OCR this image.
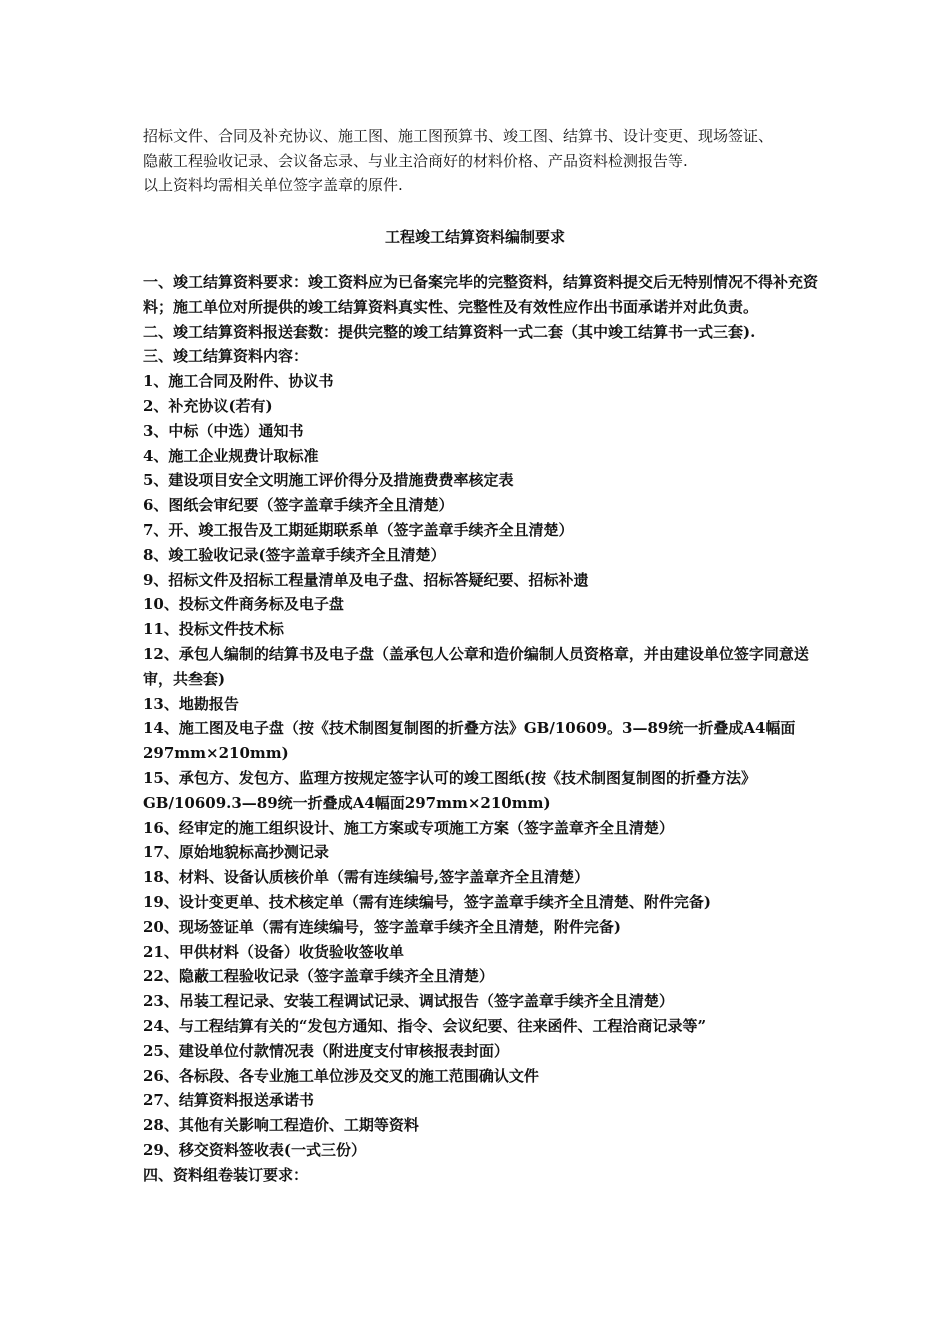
招标文件、合同及补充协议、施工图、施工图预算书、竣工图、结算书、设计变更、现场签证、

隐蔽工程验收记录、会议备忘录、与业主洽商好的材料价格、产品资料检测报告等.

以上资料均需相关单位签字盖章的原件.

工程竣工结算资料编制要求

一、竣工结算资料要求：竣工资料应为已备案完毕的完整资料，结算资料提交后无特别情况不得补充资料；施工单位对所提供的竣工结算资料真实性、完整性及有效性应作出书面承诺并对此负责。

二、竣工结算资料报送套数：提供完整的竣工结算资料一式二套（其中竣工结算书一式三套).

三、竣工结算资料内容：

1、施工合同及附件、协议书

2、补充协议(若有)

3、中标（中选）通知书

4、施工企业规费计取标准

5、建设项目安全文明施工评价得分及措施费费率核定表

6、图纸会审纪要（签字盖章手续齐全且清楚）

7、开、竣工报告及工期延期联系单（签字盖章手续齐全且清楚）

8、竣工验收记录(签字盖章手续齐全且清楚）

9、招标文件及招标工程量清单及电子盘、招标答疑纪要、招标补遗

10、投标文件商务标及电子盘

11、投标文件技术标

12、承包人编制的结算书及电子盘（盖承包人公章和造价编制人员资格章，并由建设单位签字同意送审，共叁套)

13、地勘报告

14、施工图及电子盘（按《技术制图复制图的折叠方法》GB/10609。3—89统一折叠成A4幅面297mm×210mm)

15、承包方、发包方、监理方按规定签字认可的竣工图纸(按《技术制图复制图的折叠方法》GB/10609.3—89统一折叠成A4幅面297mm×210mm)

16、经审定的施工组织设计、施工方案或专项施工方案（签字盖章齐全且清楚）

17、原始地貌标高抄测记录

18、材料、设备认质核价单（需有连续编号,签字盖章齐全且清楚）

19、设计变更单、技术核定单（需有连续编号，签字盖章手续齐全且清楚、附件完备)

20、现场签证单（需有连续编号，签字盖章手续齐全且清楚，附件完备)

21、甲供材料（设备）收货验收签收单

22、隐蔽工程验收记录（签字盖章手续齐全且清楚）

23、吊装工程记录、安装工程调试记录、调试报告（签字盖章手续齐全且清楚）

24、与工程结算有关的“发包方通知、指令、会议纪要、往来函件、工程洽商记录等”

25、建设单位付款情况表（附进度支付审核报表封面）

26、各标段、各专业施工单位涉及交叉的施工范围确认文件

27、结算资料报送承诺书

28、其他有关影响工程造价、工期等资料

29、移交资料签收表(一式三份）

四、资料组卷装订要求：
